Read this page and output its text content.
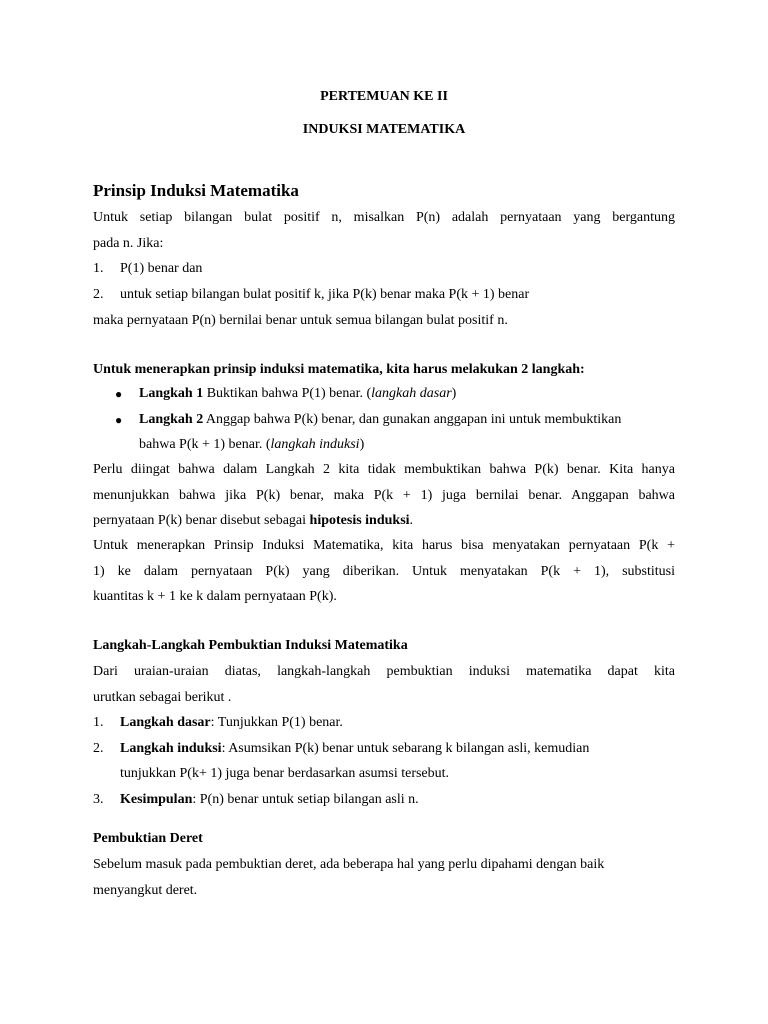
PERTEMUAN KE II
INDUKSI MATEMATIKA
Prinsip Induksi Matematika
Untuk setiap bilangan bulat positif n, misalkan P(n) adalah pernyataan yang bergantung
pada n. Jika:
1. P(1) benar dan
2. untuk setiap bilangan bulat positif k, jika P(k) benar maka P(k + 1) benar
maka pernyataan P(n) bernilai benar untuk semua bilangan bulat positif n.
Untuk menerapkan prinsip induksi matematika, kita harus melakukan 2 langkah:
● Langkah 1 Buktikan bahwa P(1) benar. (langkah dasar)
● Langkah 2 Anggap bahwa P(k) benar, dan gunakan anggapan ini untuk membuktikan
bahwa P(k + 1) benar. (langkah induksi)
Perlu diingat bahwa dalam Langkah 2 kita tidak membuktikan bahwa P(k) benar. Kita hanya
menunjukkan bahwa jika P(k) benar, maka P(k + 1) juga bernilai benar. Anggapan bahwa
pernyataan P(k) benar disebut sebagai hipotesis induksi.
Untuk menerapkan Prinsip Induksi Matematika, kita harus bisa menyatakan pernyataan P(k +
1) ke dalam pernyataan P(k) yang diberikan. Untuk menyatakan P(k + 1), substitusi
kuantitas k + 1 ke k dalam pernyataan P(k).
Langkah-Langkah Pembuktian Induksi Matematika
Dari uraian-uraian diatas, langkah-langkah pembuktian induksi matematika dapat kita
urutkan sebagai berikut .
1. Langkah dasar: Tunjukkan P(1) benar.
2. Langkah induksi: Asumsikan P(k) benar untuk sebarang k bilangan asli, kemudian
tunjukkan P(k+ 1) juga benar berdasarkan asumsi tersebut.
3. Kesimpulan: P(n) benar untuk setiap bilangan asli n.
Pembuktian Deret
Sebelum masuk pada pembuktian deret, ada beberapa hal yang perlu dipahami dengan baik
menyangkut deret.
